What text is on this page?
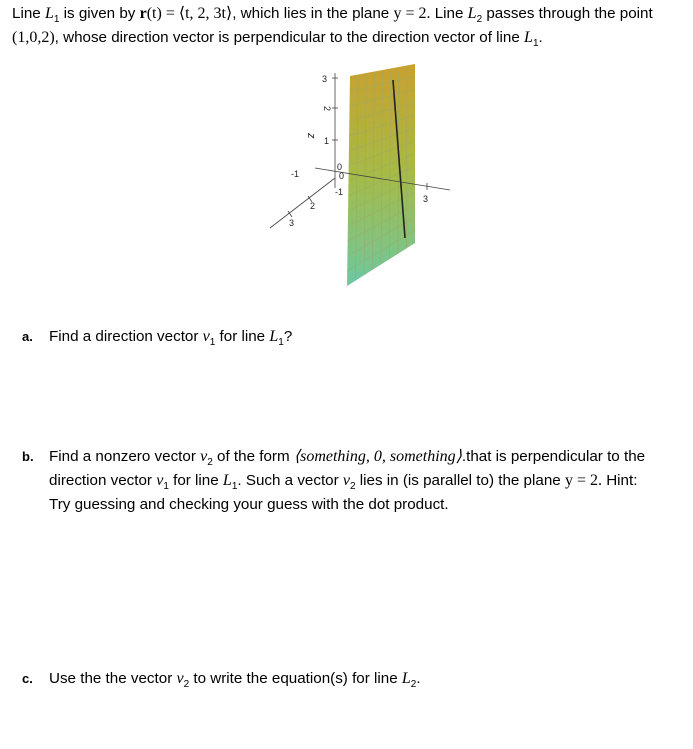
Line $L_1$ is given by r(t) = ⟨t, 2, 3t⟩, which lies in the plane y = 2. Line $L_2$ passes through the point (1,0,2), whose direction vector is perpendicular to the direction vector of line $L_1$.
z
3
2
1
0
-1
2
3
0
-1
3
a. Find a direction vector $v_1$ for line $L_1$?
b. Find a nonzero vector $v_2$ of the form ⟨something, 0, something⟩.that is perpendicular to the direction vector $v_1$ for line $L_1$. Such a vector $v_2$ lies in (is parallel to) the plane y = 2. Hint: Try guessing and checking your guess with the dot product.
c. Use the the vector $v_2$ to write the equation(s) for line $L_2$.
